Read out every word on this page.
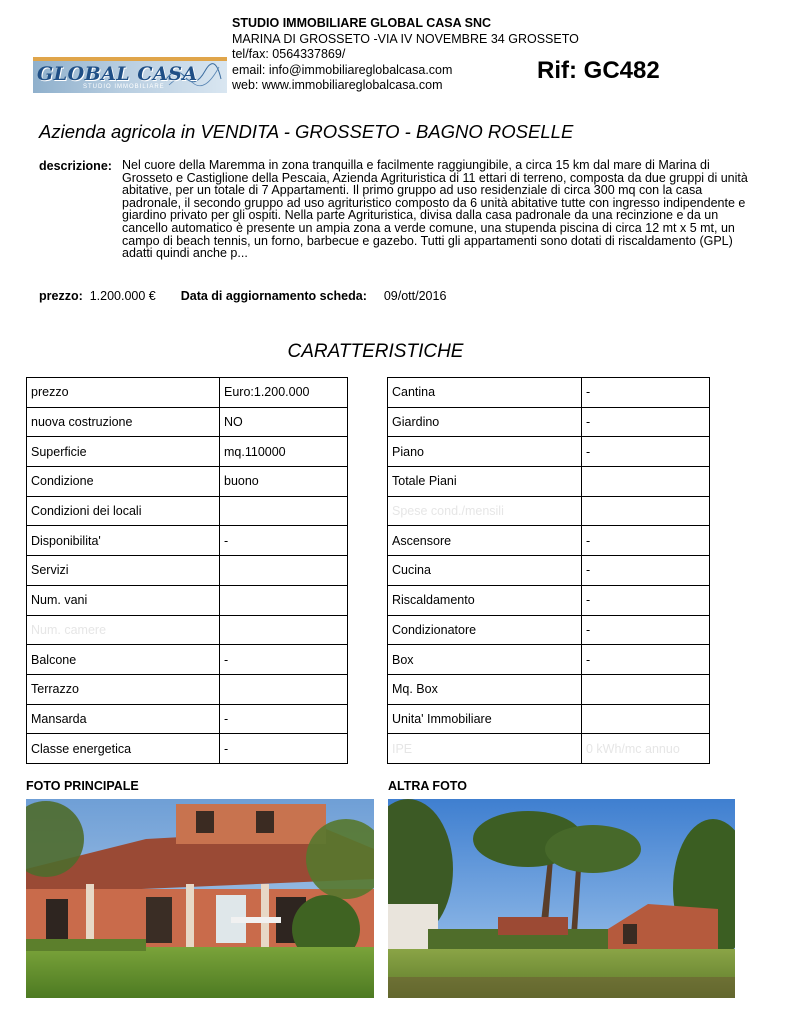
GLOBAL CASA
STUDIO IMMOBILIARE
STUDIO IMMOBILIARE GLOBAL CASA SNC
MARINA DI GROSSETO -VIA IV NOVEMBRE 34 GROSSETO
tel/fax: 0564337869/
email: info@immobiliareglobalcasa.com
web: www.immobiliareglobalcasa.com
Rif: GC482
Azienda agricola in VENDITA - GROSSETO - BAGNO ROSELLE
descrizione: Nel cuore della Maremma in zona tranquilla e facilmente raggiungibile, a circa 15 km dal mare di Marina di Grosseto e Castiglione della Pescaia, Azienda Agrituristica di 11 ettari di terreno, composta da due gruppi di unità abitative, per un totale di 7 Appartamenti. Il primo gruppo ad uso residenziale di circa 300 mq con la casa padronale, il secondo gruppo ad uso agrituristico composto da 6 unità abitative tutte con ingresso indipendente e giardino privato per gli ospiti. Nella parte Agrituristica, divisa dalla casa padronale da una recinzione e da un cancello automatico è presente un ampia zona a verde comune, una stupenda piscina di circa 12 mt x 5 mt, un campo di beach tennis, un forno, barbecue e gazebo. Tutti gli appartamenti sono dotati di riscaldamento (GPL) adatti quindi anche p...
prezzo: 1.200.000 € Data di aggiornamento scheda: 09/ott/2016
CARATTERISTICHE
prezzo	Euro:1.200.000
nuova costruzione	NO
Superficie	mq.110000
Condizione	buono
Condizioni dei locali	
Disponibilita'	-
Servizi	
Num. vani	
Num. camere	
Balcone	-
Terrazzo	
Mansarda	-
Classe energetica	-
Cantina	-
Giardino	-
Piano	-
Totale Piani	
Spese cond./mensili	
Ascensore	-
Cucina	-
Riscaldamento	-
Condizionatore	-
Box	-
Mq. Box	
Unita' Immobiliare	
IPE	0 kWh/mc annuo
FOTO PRINCIPALE	ALTRA FOTO
